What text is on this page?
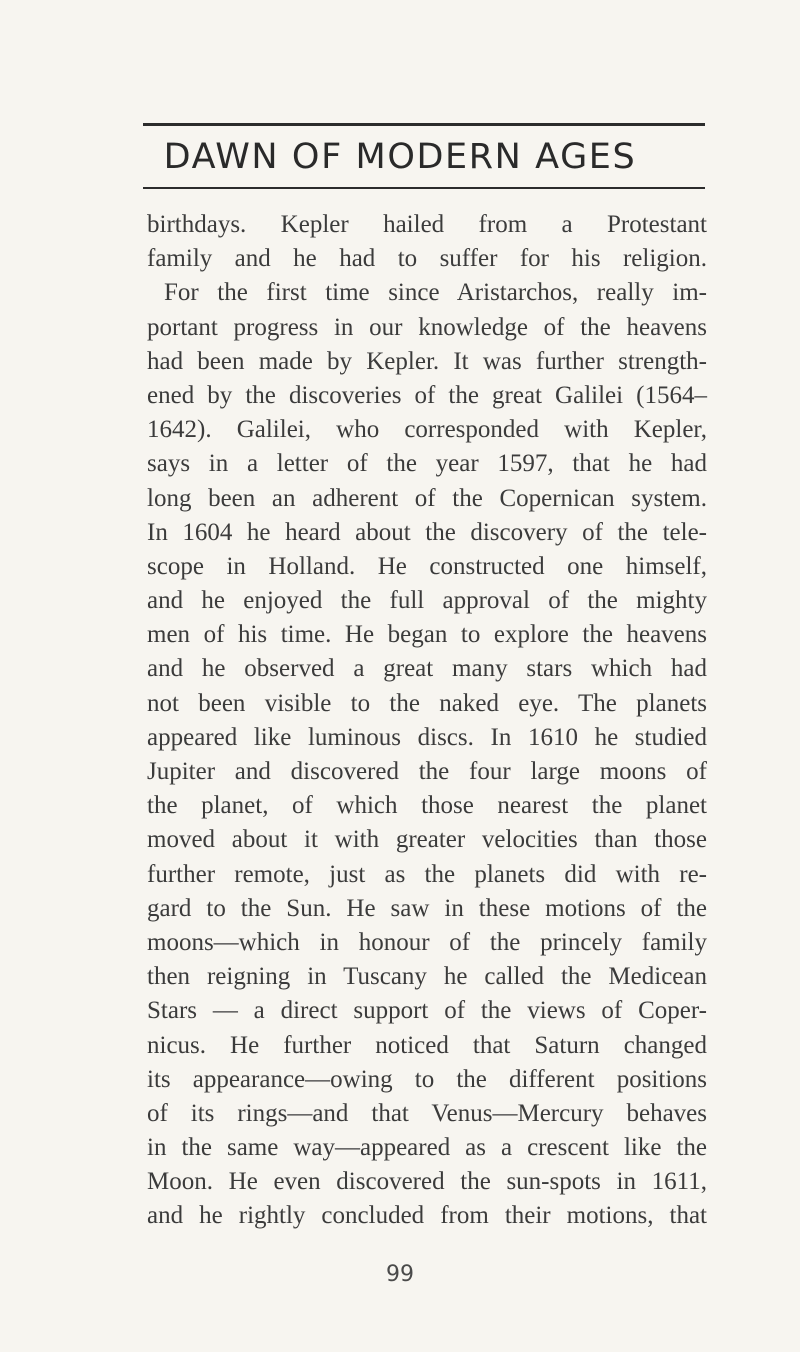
DAWN OF MODERN AGES
birthdays. Kepler hailed from a Protestant
family and he had to suffer for his religion.
For the first time since Aristarchos, really im-
portant progress in our knowledge of the heavens
had been made by Kepler. It was further strength-
ened by the discoveries of the great Galilei (1564–
1642). Galilei, who corresponded with Kepler,
says in a letter of the year 1597, that he had
long been an adherent of the Copernican system.
In 1604 he heard about the discovery of the tele-
scope in Holland. He constructed one himself,
and he enjoyed the full approval of the mighty
men of his time. He began to explore the heavens
and he observed a great many stars which had
not been visible to the naked eye. The planets
appeared like luminous discs. In 1610 he studied
Jupiter and discovered the four large moons of
the planet, of which those nearest the planet
moved about it with greater velocities than those
further remote, just as the planets did with re-
gard to the Sun. He saw in these motions of the
moons—which in honour of the princely family
then reigning in Tuscany he called the Medicean
Stars — a direct support of the views of Coper-
nicus. He further noticed that Saturn changed
its appearance—owing to the different positions
of its rings—and that Venus—Mercury behaves
in the same way—appeared as a crescent like the
Moon. He even discovered the sun-spots in 1611,
and he rightly concluded from their motions, that
99
